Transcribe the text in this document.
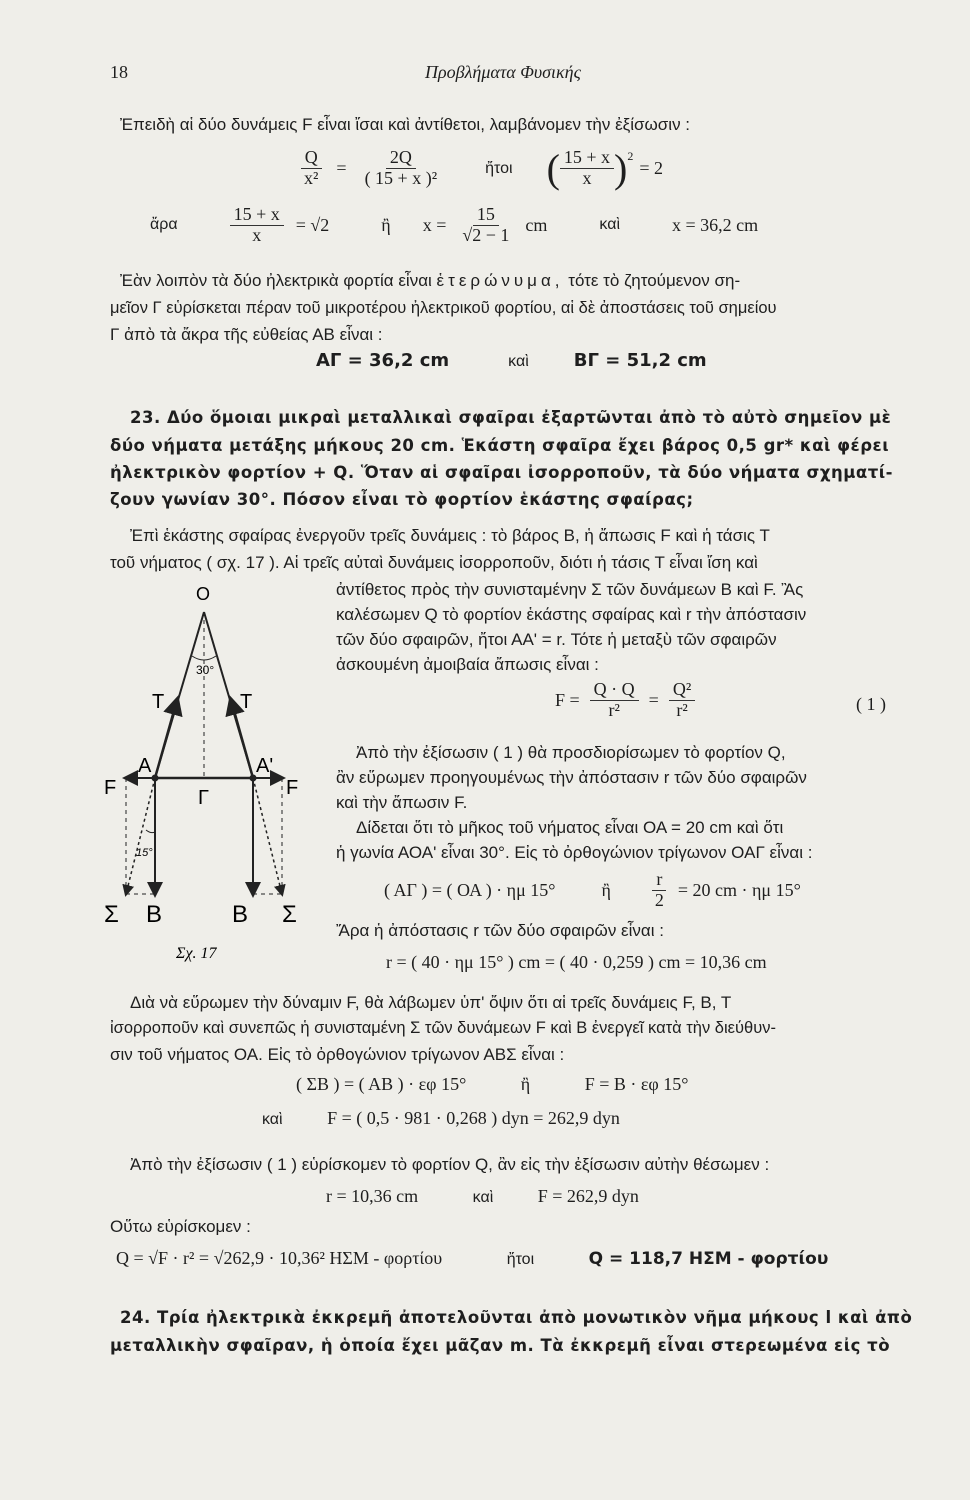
18	Προβλήματα Φυσικής
Ἐπειδὴ αἱ δύο δυνάμεις F εἶναι ἴσαι καὶ ἀντίθετοι, λαμβάνομεν τὴν ἐξίσωσιν :
$\frac{Q}{\text{x²}} = \frac{2Q}{\text{( 15 + x )²}}$	ἤτοι ( $\frac{15 + x}{x} )^2$
= 2
ἄρα	$\frac{15 + x}{x} = √2$	ἢ $x = \frac{15}{√2 - 1}$ cm	καὶ	x = 36,2 cm
Ἐὰν λοιπὸν τὰ δύο ἠλεκτρικὰ φορτία εἶναι ἑτερώνυμα, τότε τὸ ζητούμενον ση-
μεῖον Γ εὑρίσκεται πέραν τοῦ μικροτέρου ἠλεκτρικοῦ φορτίου, αἱ δὲ ἀποστάσεις τοῦ σημείου
Γ ἀπὸ τὰ ἄκρα τῆς εὐθείας ΑΒ εἶναι :
ΑΓ = 36,2 cm	καὶ	ΒΓ = 51,2 cm
23. Δύο ὅμοιαι μικραὶ μεταλλικαὶ σφαῖραι ἐξαρτῶνται ἀπὸ τὸ αὐτὸ σημεῖον μὲ
δύο νήματα μετάξης μήκους 20 cm. Ἑκάστη σφαῖρα ἔχει βάρος 0,5 gr* καὶ φέρει
ἠλεκτρικὸν φορτίον + Q. Ὅταν αἱ σφαῖραι ἰσορροποῦν, τὰ δύο νήματα σχηματί-
ζουν γωνίαν 30°. Πόσον εἶναι τὸ φορτίον ἑκάστης σφαίρας;
Ἐπὶ ἑκάστης σφαίρας ἐνεργοῦν τρεῖς δυνάμεις : τὸ βάρος Β, ἡ ἄπωσις F καὶ ἡ τάσις Τ
τοῦ νήματος ( σχ. 17 ). Αἱ τρεῖς αὐταὶ δυνάμεις ἰσορροποῦν, διότι ἡ τάσις Τ εἶναι ἴση καὶ
ἀντίθετος πρὸς τὴν συνισταμένην Σ τῶν δυνάμεων Β καὶ F. Ἂς
καλέσωμεν Q τὸ φορτίον ἑκάστης σφαίρας καὶ r τὴν ἀπόστασιν
τῶν δύο σφαιρῶν, ἤτοι ΑΑ' = r. Τότε ἡ μεταξὺ τῶν σφαιρῶν
ἀσκουμένη ἀμοιβαία ἄπωσις εἶναι :
$F = \frac{Q \cdot Q}{\text{r²}} = \frac{\text{Q²}}{\text{r²}}$	( 1 )
Ἀπὸ τὴν ἐξίσωσιν ( 1 ) θὰ προσδιορίσωμεν τὸ φορτίον Q,
ἂν εὕρωμεν προηγουμένως τὴν ἀπόστασιν r τῶν δύο σφαιρῶν
καὶ τὴν ἄπωσιν F.
Δίδεται ὅτι τὸ μῆκος τοῦ νήματος εἶναι ΟΑ = 20 cm καὶ ὅτι
ἡ γωνία ΑΟΑ' εἶναι 30°. Εἰς τὸ ὀρθογώνιον τρίγωνον ΟΑΓ εἶναι :
( ΑΓ ) = ( ΟΑ ) · ημ 15°	ἢ $\frac{r}{2} = 20$ cm · ημ 15°
Ἄρα ἡ ἀπόστασις r τῶν δύο σφαιρῶν εἶναι :
r = ( 40 · ημ 15° ) cm = ( 40 · 0,259 ) cm = 10,36 cm
O
30°
T	T
A	A'
Γ
F	F
15°
Σ B	B Σ
Σχ. 17
Διὰ νὰ εὕρωμεν τὴν δύναμιν F, θὰ λάβωμεν ὑπ' ὄψιν ὅτι αἱ τρεῖς δυνάμεις F, Β, Τ
ἰσορροποῦν καὶ συνεπῶς ἡ συνισταμένη Σ τῶν δυνάμεων F καὶ Β ἐνεργεῖ κατὰ τὴν διεύθυν-
σιν τοῦ νήματος ΟΑ. Εἰς τὸ ὀρθογώνιον τρίγωνον ΑΒΣ εἶναι :
( ΣΒ ) = ( ΑΒ ) · εφ 15°	ἢ	F = Β · εφ 15°
καὶ F = ( 0,5 · 981 · 0,268 ) dyn = 262,9 dyn
Ἀπὸ τὴν ἐξίσωσιν ( 1 ) εὑρίσκομεν τὸ φορτίον Q, ἂν εἰς τὴν ἐξίσωσιν αὐτὴν θέσωμεν :
r = 10,36 cm	καὶ F = 262,9 dyn
Οὕτω εὑρίσκομεν :
Q = √F · r² = √262,9 · 10,36² ΗΣΜ - φορτίου	ἤτοι	Q = 118,7 ΗΣΜ - φορτίου
24. Τρία ἠλεκτρικὰ ἐκκρεμῆ ἀποτελοῦνται ἀπὸ μονωτικὸν νῆμα μήκους l καὶ ἀπὸ
μεταλλικὴν σφαῖραν, ἡ ὁποία ἔχει μᾶζαν m. Τὰ ἐκκρεμῆ εἶναι στερεωμένα εἰς τὸ
